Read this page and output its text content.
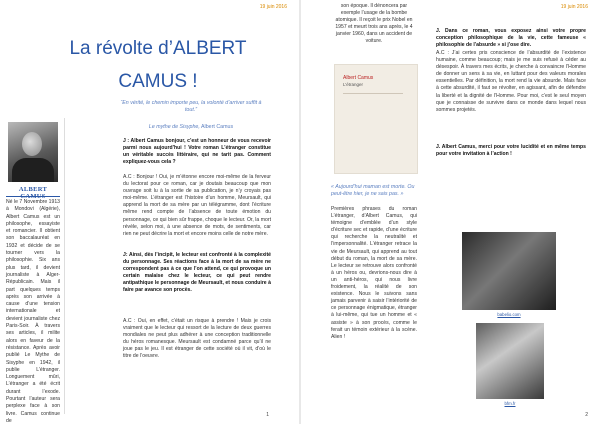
19 juin 2016
La révolte d’ALBERT
CAMUS !
ALBERT

Né le 7 Novembre 1913 à Mondovi (Algérie), Albert Camus est un philosophe, essayiste et romancier. Il obtient son baccalauréat en 1932 et décide de se tourner vers la philosophie. Six ans plus tard, il devient journaliste à Alger-Républicain. Mais il part quelques temps après son arrivée à cause d’une tension internationale et devient journaliste chez Paris-Soir. À travers ses articles, il milite alors en faveur de la résistance. Après avoir publié Le Mythe de Sisyphe en 1942, il publie L’étranger. Longuement mûri, L’étranger a été écrit durant l’exode. Pourtant l’auteur sera perplexe face à son livre. Camus continue de

“En vérité, le chemin importe peu, la volonté d’arriver suffit à tout.”

Le mythe de Sisyphe, Albert Camus

J : Albert Camus bonjour, c’est un honneur de vous recevoir parmi nous aujourd’hui ! Votre roman L’étranger constitue un véritable succès littéraire, qui ne tarit pas. Comment expliquez-vous cela ?

A.C : Bonjour ! Oui, je m’étonne encore moi-même de la ferveur du lectorat pour ce roman, car je doutais beaucoup que mon ouvrage soit lu à la sortie de sa publication, je n’y croyais pas moi-même. L’étranger est l’histoire d’un homme, Meursault, qui apprend la mort de sa mère par un télégramme, dont l’écriture même rend compte de l’absence de toute émotion du personnage, ce qui bien sûr frappe, choque le lecteur. Or, la mort révèle, selon moi, à une absence de mots, de sentiments, car rien ne peut décrire la mort et encore moins celle de notre mère.

J: Ainsi, dès l’incipit, le lecteur est confronté à la complexité du personnage. Ses réactions face à la mort de sa mère ne correspondent pas à ce que l’on attend, ce qui provoque un certain malaise chez le lecteur, ce qui peut rendre antipathique le personnage de Meursault, et nous conduire à faire par avance son procès.

A.C : Oui, en effet, c’était un risque à prendre ! Mais je crois vraiment que le lecteur qui ressort de la lecture de deux guerres mondiales ne peut plus adhérer à une conception traditionnelle du héros romanesque. Meursault est condamné parce qu’il ne joue pas le jeu. Il est étranger de cette société où il vit, d’où le titre de l’oeuvre.

1
19 juin 2016

son époque. Il dénoncera par exemple l’usage de la bombe atomique. Il reçoit le prix Nobel en 1957 et meurt trois ans après, le 4 janvier 1960, dans un accident de voiture.

Albert Camus
L’étranger

« Aujourd’hui maman est morte. Ou peut-être hier, je ne sais pas. »

Premières phrases du roman L’étranger, d’Albert Camus, qui témoigne d’emblée d’un style d’écriture sec et rapide, d’une écriture qui recherche la neutralité et l’impersonnalité. L’étranger retrace la vie de Meursault, qui apprend au tout début du roman, la mort de sa mère. Le lecteur se retrouve alors confronté à un héros ou, devrions-nous dire à un anti-héros, qui nous livre froidement, la réalité de son existence. Nous le suivons sans jamais parvenir à saisir l’intériorité de ce personnage énigmatique, étranger à lui-même, qui tue un homme et « assiste » à son procès, comme le ferait un témoin extérieur à la scène. Alien !

J. Dans ce roman, vous exposez ainsi votre propre conception philosophique de la vie, cette fameuse « philosophie de l’absurde » si j’ose dire.

A.C : J’ai certes pris conscience de l’absurdité de l’existence humaine, comme beaucoup; mais je me suis refusé à céder au désespoir. À travers mes écrits, je cherche à convaincre l’Homme de donner un sens à sa vie, en luttant pour des valeurs morales essentielles. Par définition, la mort rend la vie absurde. Mais face à cette absurdité, il faut se révolter, en agissant, afin de défendre la liberté et la dignité de l’Homme. Pour moi, c’est le seul moyen que je connaisse de survivre dans ce monde dans lequel nous sommes projetés.

J. Albert Camus, merci pour votre lucidité et en même temps pour votre invitation à l’action !

babelio.com
bfm.fr
2
